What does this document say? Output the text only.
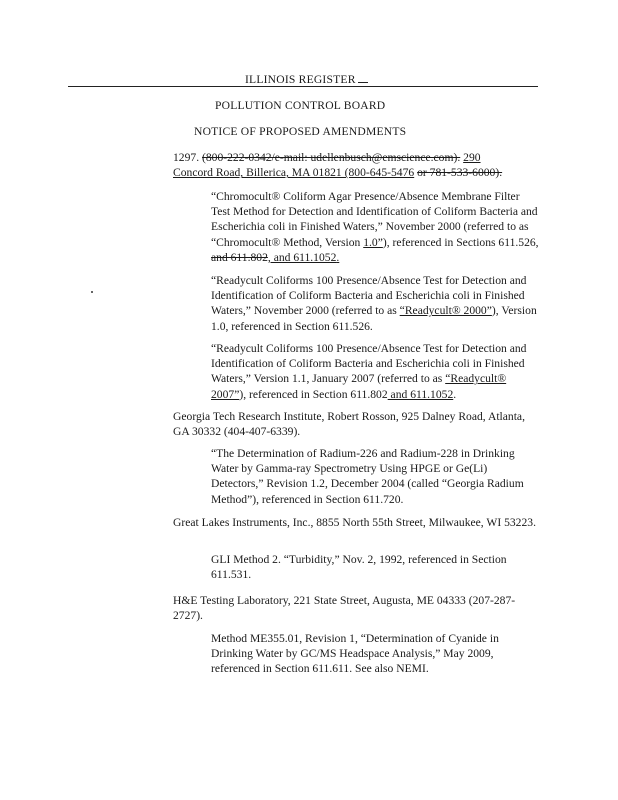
ILLINOIS REGISTER
POLLUTION CONTROL BOARD
NOTICE OF PROPOSED AMENDMENTS

1297. (800-222-0342/e-mail: udellenbusch@emscience.com). 290
Concord Road, Billerica, MA 01821 (800-645-5476 or 781-533-6000).

“Chromocult® Coliform Agar Presence/Absence Membrane Filter Test Method for Detection and Identification of Coliform Bacteria and Escherichia coli in Finished Waters,” November 2000 (referred to as “Chromocult® Method, Version 1.0”), referenced in Sections 611.526, and 611.802, and 611.1052.

“Readycult Coliforms 100 Presence/Absence Test for Detection and Identification of Coliform Bacteria and Escherichia coli in Finished Waters,” November 2000 (referred to as “Readycult® 2000”), Version 1.0, referenced in Section 611.526.

“Readycult Coliforms 100 Presence/Absence Test for Detection and Identification of Coliform Bacteria and Escherichia coli in Finished Waters,” Version 1.1, January 2007 (referred to as “Readycult® 2007”), referenced in Section 611.802 and 611.1052.

Georgia Tech Research Institute, Robert Rosson, 925 Dalney Road, Atlanta, GA 30332 (404-407-6339).

“The Determination of Radium-226 and Radium-228 in Drinking Water by Gamma-ray Spectrometry Using HPGE or Ge(Li) Detectors,” Revision 1.2, December 2004 (called “Georgia Radium Method”), referenced in Section 611.720.

Great Lakes Instruments, Inc., 8855 North 55th Street, Milwaukee, WI 53223.

GLI Method 2. “Turbidity,” Nov. 2, 1992, referenced in Section 611.531.

H&E Testing Laboratory, 221 State Street, Augusta, ME 04333 (207-287-2727).

Method ME355.01, Revision 1, “Determination of Cyanide in Drinking Water by GC/MS Headspace Analysis,” May 2009, referenced in Section 611.611. See also NEMI.
